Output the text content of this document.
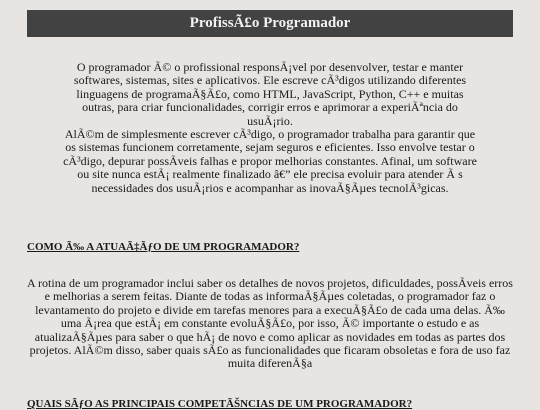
ProfissÃ£o Programador

O programador Ã© o profissional responsÃ¡vel por desenvolver, testar e manter softwares, sistemas, sites e aplicativos. Ele escreve cÃ³digos utilizando diferentes linguagens de programaÃ§Ã£o, como HTML, JavaScript, Python, C++ e muitas outras, para criar funcionalidades, corrigir erros e aprimorar a experiÃªncia do usuÃ¡rio.

AlÃ©m de simplesmente escrever cÃ³digo, o programador trabalha para garantir que os sistemas funcionem corretamente, sejam seguros e eficientes. Isso envolve testar o cÃ³digo, depurar possÃveis falhas e propor melhorias constantes. Afinal, um software ou site nunca estÃ¡ realmente finalizado â€” ele precisa evoluir para atender Ã s necessidades dos usuÃ¡rios e acompanhar as inovaÃ§Ãµes tecnolÃ³gicas.

COMO Ã‰ A ATUAÃ‡ÃƒO DE UM PROGRAMADOR?

A rotina de um programador inclui saber os detalhes de novos projetos, dificuldades, possÃveis erros e melhorias a serem feitas. Diante de todas as informaÃ§Ãµes coletadas, o programador faz o levantamento do projeto e divide em tarefas menores para a execuÃ§Ã£o de cada uma delas. Ã‰ uma Ã¡rea que estÃ¡ em constante evoluÃ§Ã£o, por isso, Ã© importante o estudo e as atualizaÃ§Ãµes para saber o que hÃ¡ de novo e como aplicar as novidades em todas as partes dos projetos. AlÃ©m disso, saber quais sÃ£o as funcionalidades que ficaram obsoletas e fora de uso faz muita diferenÃ§a

QUAIS SÃƒO AS PRINCIPAIS COMPETÃŠNCIAS DE UM PROGRAMADOR?
